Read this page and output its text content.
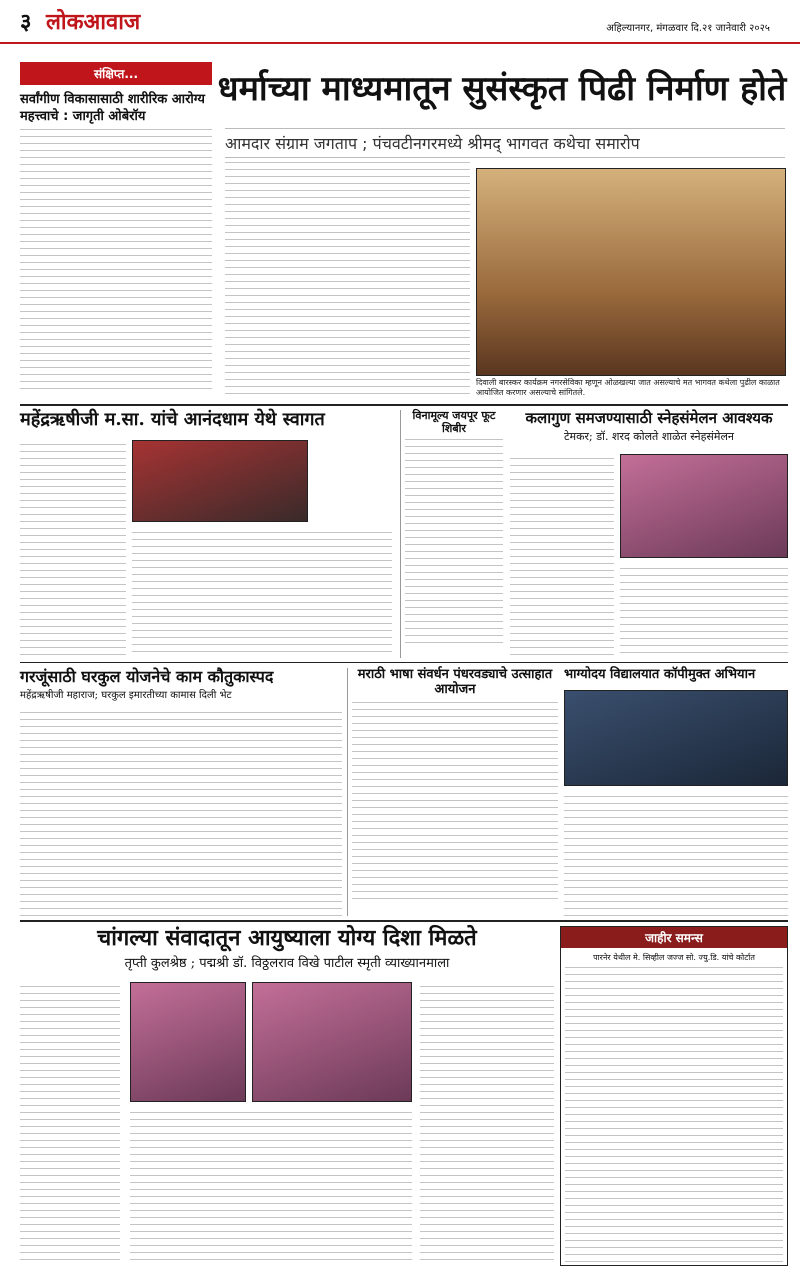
३ लोकआवाज	अहिल्यानगर, मंगळवार दि.२१ जानेवारी २०२५
संक्षिप्त...
सर्वांगीण विकासासाठी शारीरिक आरोग्य महत्त्वाचे : जागृती ओबेरॉय
धर्माच्या माध्यमातून सुसंस्कृत पिढी निर्माण होते
आमदार संग्राम जगताप ; पंचवटीनगरमध्ये श्रीमद् भागवत कथेचा समारोप
दिवाली बारस्कर कार्यक्रम नगरसेविका म्हणून ओळखल्या जात असल्याचे मत भागवत कथेला पुढील काळात आयोजित करणार असल्याचे सांगितले.
महेंद्रऋषीजी म.सा. यांचे आनंदधाम येथे स्वागत	विनामूल्य जयपूर फूट शिबीर
कलागुण समजण्यासाठी स्नेहसंमेलन आवश्यक
टेमकर; डॉ. शरद कोलते शाळेत स्नेहसंमेलन
गरजूंसाठी घरकुल योजनेचे काम कौतुकास्पद
महेंद्रऋषीजी महाराज; घरकुल इमारतीच्या कामास दिली भेट
मराठी भाषा संवर्धन पंधरवड्याचे उत्साहात आयोजन
भाग्योदय विद्यालयात कॉपीमुक्त अभियान
चांगल्या संवादातून आयुष्याला योग्य दिशा मिळते
तृप्ती कुलश्रेष्ठ ; पद्मश्री डॉ. विठ्ठलराव विखे पाटील स्मृती व्याख्यानमाला
जाहीर समन्स
पारनेर येथील मे. सिव्हील जज्ज सो. ज्यु.डि. यांचे कोर्टात
